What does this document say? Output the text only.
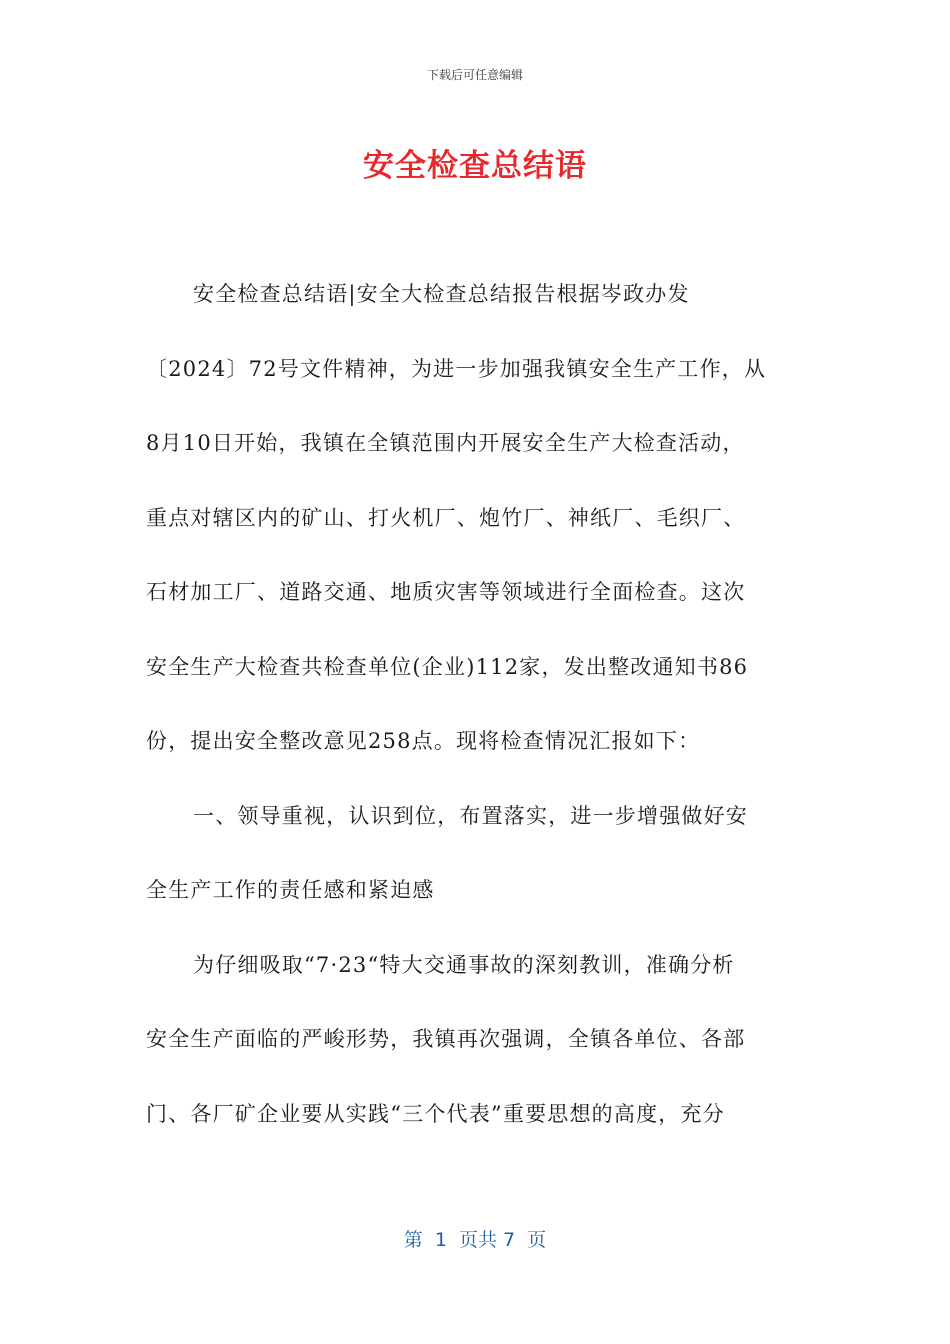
下载后可任意编辑
安全检查总结语
安全检查总结语|安全大检查总结报告根据岑政办发
〔2024〕72号文件精神，为进一步加强我镇安全生产工作，从
8月10日开始，我镇在全镇范围内开展安全生产大检查活动，
重点对辖区内的矿山、打火机厂、炮竹厂、神纸厂、毛织厂、
石材加工厂、道路交通、地质灾害等领域进行全面检查。这次
安全生产大检查共检查单位(企业)112家，发出整改通知书86
份，提出安全整改意见258点。现将检查情况汇报如下：
一、领导重视，认识到位，布置落实，进一步增强做好安
全生产工作的责任感和紧迫感
为仔细吸取“7·23“特大交通事故的深刻教训，准确分析
安全生产面临的严峻形势，我镇再次强调，全镇各单位、各部
门、各厂矿企业要从实践“三个代表”重要思想的高度，充分
第  1  页共 7  页
